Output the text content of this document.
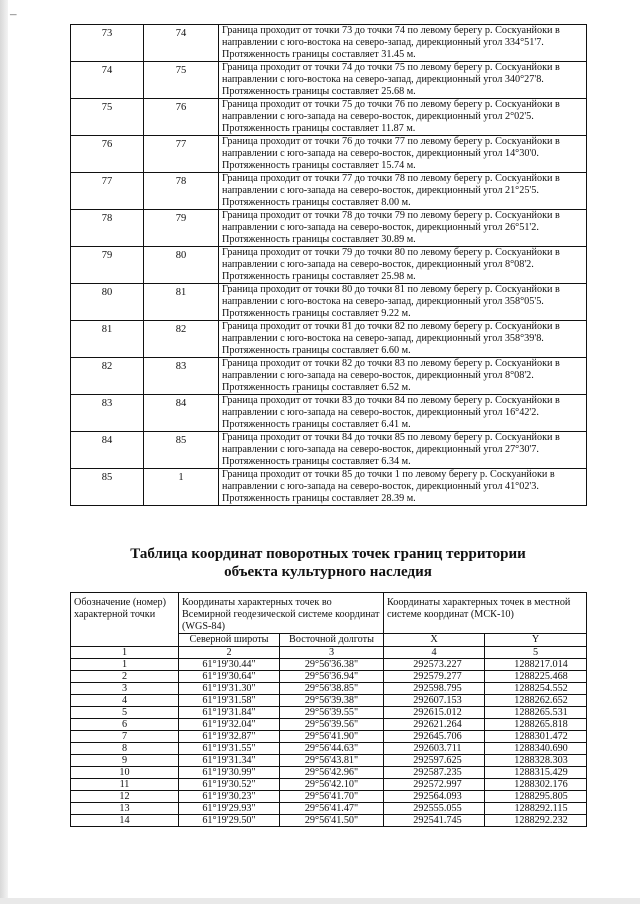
–
73	74	Граница проходит от точки 73 до точки 74 по левому берегу р. Соскуанйоки в
направлении с юго-востока на северо-запад, дирекционный угол 334°51'7.
Протяженность границы составляет 31.45 м.

74	75	Граница проходит от точки 74 до точки 75 по левому берегу р. Соскуанйоки в
направлении с юго-востока на северо-запад, дирекционный угол 340°27'8.
Протяженность границы составляет 25.68 м.

75	76	Граница проходит от точки 75 до точки 76 по левому берегу р. Соскуанйоки в
направлении с юго-запада на северо-восток, дирекционный угол 2°02'5.
Протяженность границы составляет 11.87 м.

76	77	Граница проходит от точки 76 до точки 77 по левому берегу р. Соскуанйоки в
направлении с юго-запада на северо-восток, дирекционный угол 14°30'0.
Протяженность границы составляет 15.74 м.

77	78	Граница проходит от точки 77 до точки 78 по левому берегу р. Соскуанйоки в
направлении с юго-запада на северо-восток, дирекционный угол 21°25'5.
Протяженность границы составляет 8.00 м.

78	79	Граница проходит от точки 78 до точки 79 по левому берегу р. Соскуанйоки в
направлении с юго-запада на северо-восток, дирекционный угол 26°51'2.
Протяженность границы составляет 30.89 м.

79	80	Граница проходит от точки 79 до точки 80 по левому берегу р. Соскуанйоки в
направлении с юго-запада на северо-восток, дирекционный угол 8°08'2.
Протяженность границы составляет 25.98 м.

80	81	Граница проходит от точки 80 до точки 81 по левому берегу р. Соскуанйоки в
направлении с юго-востока на северо-запад, дирекционный угол 358°05'5.
Протяженность границы составляет 9.22 м.

81	82	Граница проходит от точки 81 до точки 82 по левому берегу р. Соскуанйоки в
направлении с юго-востока на северо-запад, дирекционный угол 358°39'8.
Протяженность границы составляет 6.60 м.

82	83	Граница проходит от точки 82 до точки 83 по левому берегу р. Соскуанйоки в
направлении с юго-запада на северо-восток, дирекционный угол 8°08'2.
Протяженность границы составляет 6.52 м.

83	84	Граница проходит от точки 83 до точки 84 по левому берегу р. Соскуанйоки в
направлении с юго-запада на северо-восток, дирекционный угол 16°42'2.
Протяженность границы составляет 6.41 м.

84	85	Граница проходит от точки 84 до точки 85 по левому берегу р. Соскуанйоки в
направлении с юго-запада на северо-восток, дирекционный угол 27°30'7.
Протяженность границы составляет 6.34 м.

85	1	Граница проходит от точки 85 до точки 1 по левому берегу р. Соскуанйоки в
направлении с юго-запада на северо-восток, дирекционный угол 41°02'3.
Протяженность границы составляет 28.39 м.
Таблица координат поворотных точек границ территории
объекта культурного наследия
Обозначение (номер) характерной точки	Координаты характерных точек во Всемирной геодезической системе координат (WGS-84)		Координаты характерных точек в местной системе координат (МСК-10)	
	Северной широты	Восточной долготы	X	Y
1	2	3	4	5
1	61°19'30.44"	29°56'36.38"	292573.227	1288217.014
2	61°19'30.64"	29°56'36.94"	292579.277	1288225.468
3	61°19'31.30"	29°56'38.85"	292598.795	1288254.552
4	61°19'31.58"	29°56'39.38"	292607.153	1288262.652
5	61°19'31.84"	29°56'39.55"	292615.012	1288265.531
6	61°19'32.04"	29°56'39.56"	292621.264	1288265.818
7	61°19'32.87"	29°56'41.90"	292645.706	1288301.472
8	61°19'31.55"	29°56'44.63"	292603.711	1288340.690
9	61°19'31.34"	29°56'43.81"	292597.625	1288328.303
10	61°19'30.99"	29°56'42.96"	292587.235	1288315.429
11	61°19'30.52"	29°56'42.10"	292572.997	1288302.176
12	61°19'30.23"	29°56'41.70"	292564.093	1288295.805
13	61°19'29.93"	29°56'41.47"	292555.055	1288292.115
14	61°19'29.50"	29°56'41.50"	292541.745	1288292.232
